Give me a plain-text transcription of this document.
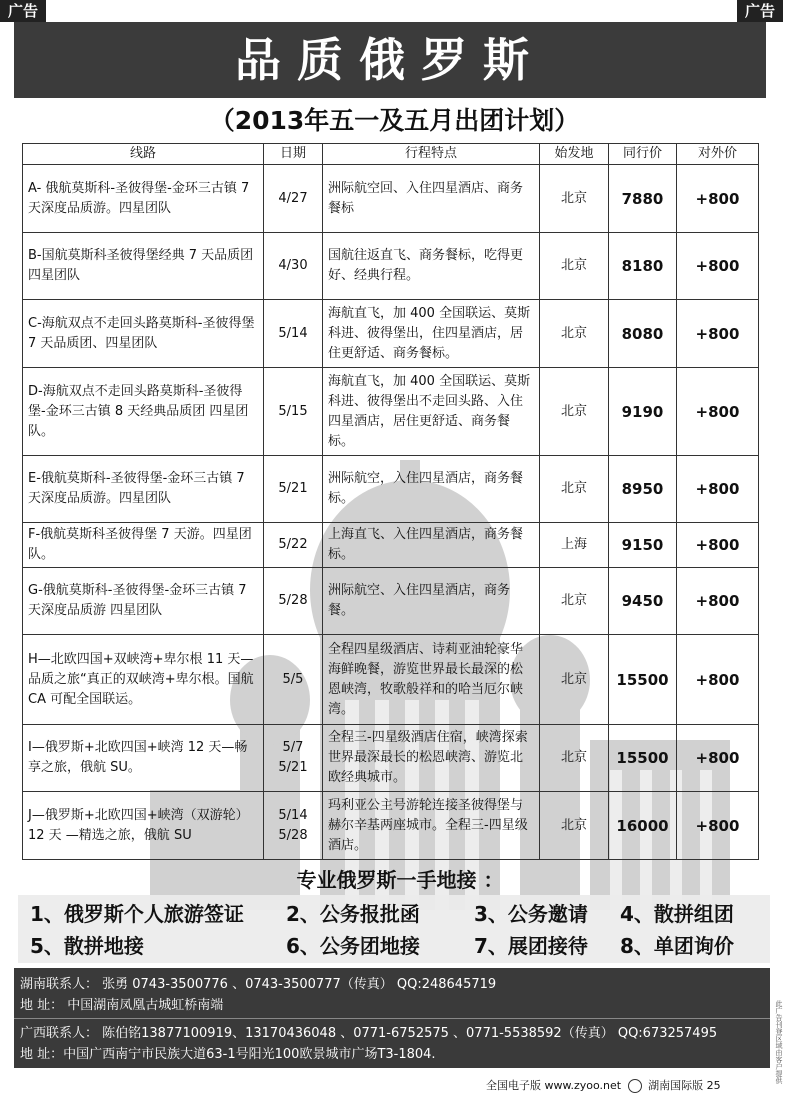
广告	广告
品质俄罗斯
（2013年五一及五月出团计划）
线路	日期	行程特点	始发地	同行价	对外价
A- 俄航莫斯科-圣彼得堡-金环三古镇 7 天深度品质游。四星团队	4/27	洲际航空回、入住四星酒店、商务餐标	北京	7880	+800
B-国航莫斯科圣彼得堡经典 7 天品质团 四星团队	4/30	国航往返直飞、商务餐标，吃得更好、经典行程。	北京	8180	+800
C-海航双点不走回头路莫斯科-圣彼得堡 7 天品质团、四星团队	5/14	海航直飞，加 400 全国联运、莫斯科进、彼得堡出，住四星酒店，居住更舒适、商务餐标。	北京	8080	+800
D-海航双点不走回头路莫斯科-圣彼得堡-金环三古镇 8 天经典品质团 四星团队。	5/15	海航直飞，加 400 全国联运、莫斯科进、彼得堡出不走回头路、入住四星酒店，居住更舒适、商务餐标。	北京	9190	+800
E-俄航莫斯科-圣彼得堡-金环三古镇 7 天深度品质游。四星团队	5/21	洲际航空，入住四星酒店，商务餐标。	北京	8950	+800
F-俄航莫斯科圣彼得堡 7 天游。四星团队。	5/22	上海直飞、入住四星酒店，商务餐标。	上海	9150	+800
G-俄航莫斯科-圣彼得堡-金环三古镇 7 天深度品质游 四星团队	5/28	洲际航空、入住四星酒店，商务餐。	北京	9450	+800
H—北欧四国+双峡湾+卑尔根 11 天—品质之旅“真正的双峡湾+卑尔根。国航 CA 可配全国联运。	5/5	全程四星级酒店、诗莉亚油轮豪华海鲜晚餐，游览世界最长最深的松恩峡湾，牧歌般祥和的哈当厄尔峡湾。	北京	15500	+800
I—俄罗斯+北欧四国+峡湾 12 天—畅享之旅，俄航 SU。	5/7 5/21	全程三-四星级酒店住宿，峡湾探索世界最深最长的松恩峡湾、游览北欧经典城市。	北京	15500	+800
J—俄罗斯+北欧四国+峡湾（双游轮）12 天 —精选之旅，俄航 SU	5/14 5/28	玛利亚公主号游轮连接圣彼得堡与赫尔辛基两座城市。全程三-四星级酒店。	北京	16000	+800
专业俄罗斯一手地接 ：
1、俄罗斯个人旅游签证 2、公务报批函	3、公务邀请 4、散拼组团
5、散拼地接	6、公务团地接	7、展团接待 8、单团询价
湖南联系人： 张勇 0743-3500776 、0743-3500777（传真） QQ:248645719
地 址： 中国湖南凤凰古城虹桥南端
广西联系人： 陈伯铭13877100919、13170436048 、0771-6752575 、0771-5538592（传真） QQ:673257495
地 址：中国广西南宁市民族大道63-1号阳光100欧景城市广场T3-1804.	此广告刊登区域由客户提供
全国电子版 www.zyoo.net 湖南国际版 25
